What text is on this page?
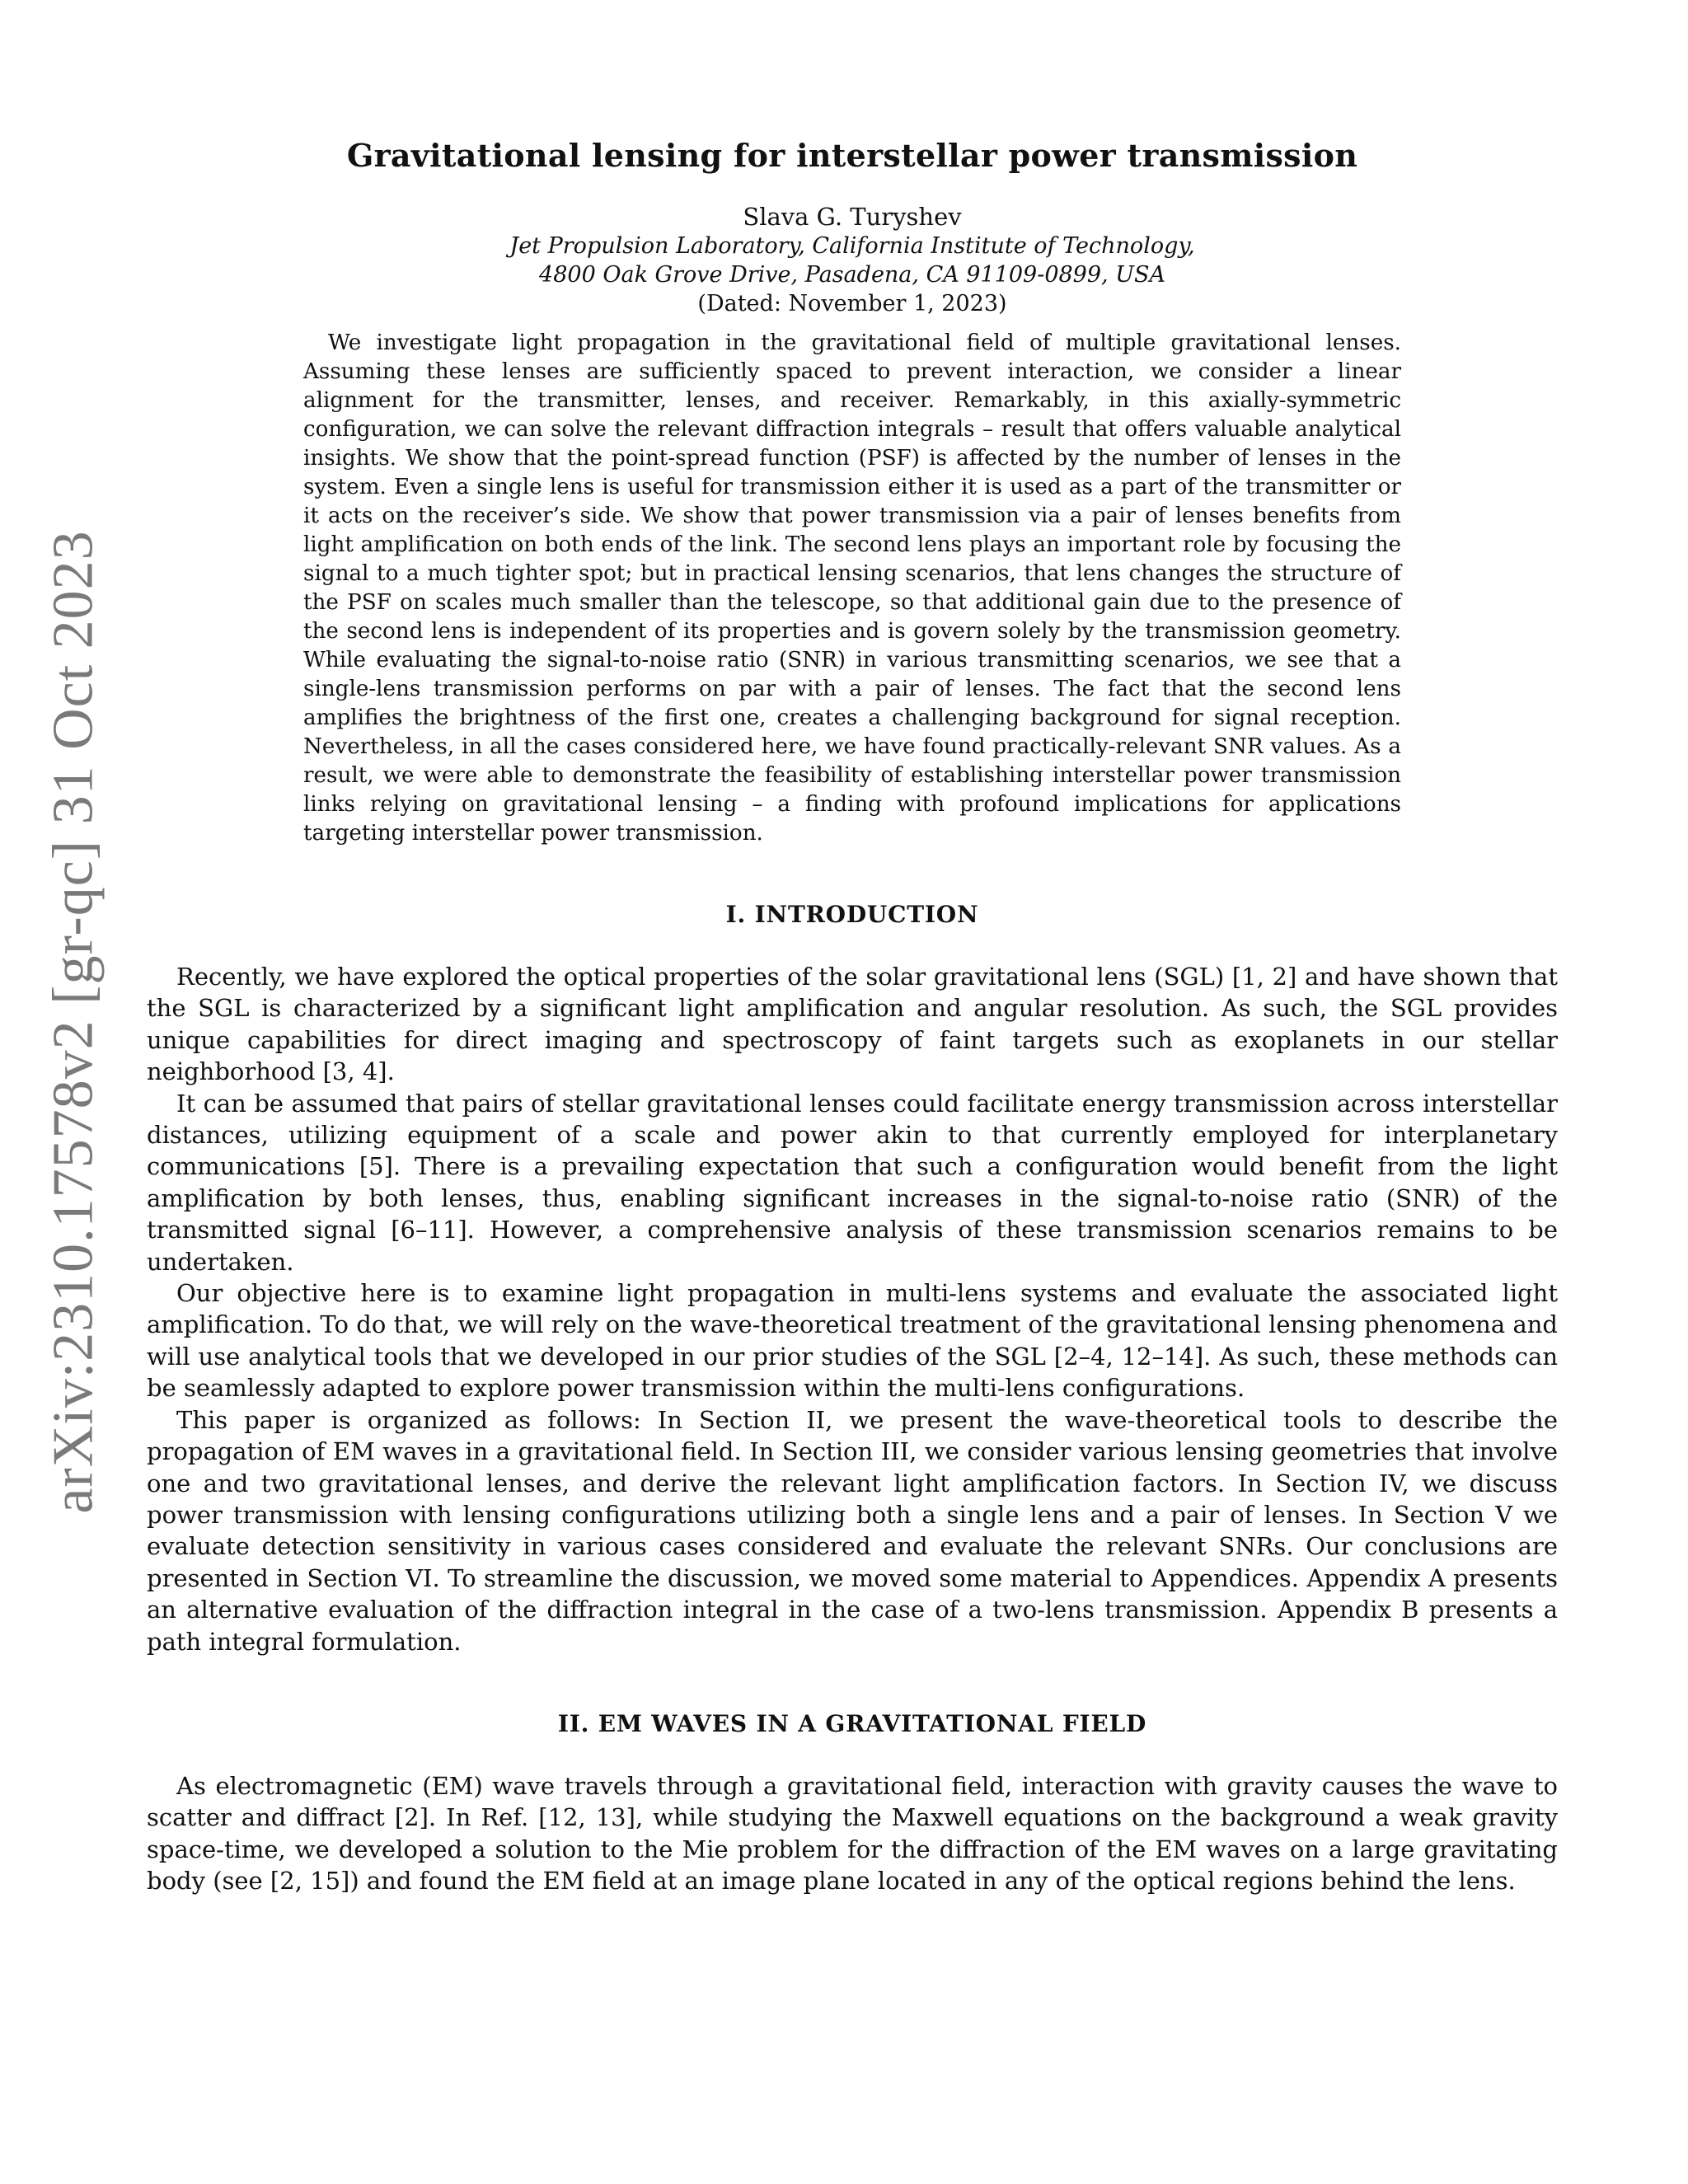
arXiv:2310.17578v2 [gr-qc] 31 Oct 2023
Gravitational lensing for interstellar power transmission
Slava G. Turyshev
Jet Propulsion Laboratory, California Institute of Technology,
4800 Oak Grove Drive, Pasadena, CA 91109-0899, USA
(Dated: November 1, 2023)
We investigate light propagation in the gravitational field of multiple gravitational lenses. Assuming these lenses are sufficiently spaced to prevent interaction, we consider a linear alignment for the transmitter, lenses, and receiver. Remarkably, in this axially-symmetric configuration, we can solve the relevant diffraction integrals – result that offers valuable analytical insights. We show that the point-spread function (PSF) is affected by the number of lenses in the system. Even a single lens is useful for transmission either it is used as a part of the transmitter or it acts on the receiver’s side. We show that power transmission via a pair of lenses benefits from light amplification on both ends of the link. The second lens plays an important role by focusing the signal to a much tighter spot; but in practical lensing scenarios, that lens changes the structure of the PSF on scales much smaller than the telescope, so that additional gain due to the presence of the second lens is independent of its properties and is govern solely by the transmission geometry. While evaluating the signal-to-noise ratio (SNR) in various transmitting scenarios, we see that a single-lens transmission performs on par with a pair of lenses. The fact that the second lens amplifies the brightness of the first one, creates a challenging background for signal reception. Nevertheless, in all the cases considered here, we have found practically-relevant SNR values. As a result, we were able to demonstrate the feasibility of establishing interstellar power transmission links relying on gravitational lensing – a finding with profound implications for applications targeting interstellar power transmission.
I. INTRODUCTION

Recently, we have explored the optical properties of the solar gravitational lens (SGL) [1, 2] and have shown that the SGL is characterized by a significant light amplification and angular resolution. As such, the SGL provides unique capabilities for direct imaging and spectroscopy of faint targets such as exoplanets in our stellar neighborhood [3, 4].

It can be assumed that pairs of stellar gravitational lenses could facilitate energy transmission across interstellar distances, utilizing equipment of a scale and power akin to that currently employed for interplanetary communications [5]. There is a prevailing expectation that such a configuration would benefit from the light amplification by both lenses, thus, enabling significant increases in the signal-to-noise ratio (SNR) of the transmitted signal [6–11]. However, a comprehensive analysis of these transmission scenarios remains to be undertaken.

Our objective here is to examine light propagation in multi-lens systems and evaluate the associated light amplification. To do that, we will rely on the wave-theoretical treatment of the gravitational lensing phenomena and will use analytical tools that we developed in our prior studies of the SGL [2–4, 12–14]. As such, these methods can be seamlessly adapted to explore power transmission within the multi-lens configurations.

This paper is organized as follows: In Section II, we present the wave-theoretical tools to describe the propagation of EM waves in a gravitational field. In Section III, we consider various lensing geometries that involve one and two gravitational lenses, and derive the relevant light amplification factors. In Section IV, we discuss power transmission with lensing configurations utilizing both a single lens and a pair of lenses. In Section V we evaluate detection sensitivity in various cases considered and evaluate the relevant SNRs. Our conclusions are presented in Section VI. To streamline the discussion, we moved some material to Appendices. Appendix A presents an alternative evaluation of the diffraction integral in the case of a two-lens transmission. Appendix B presents a path integral formulation.

II. EM WAVES IN A GRAVITATIONAL FIELD

As electromagnetic (EM) wave travels through a gravitational field, interaction with gravity causes the wave to scatter and diffract [2]. In Ref. [12, 13], while studying the Maxwell equations on the background a weak gravity space-time, we developed a solution to the Mie problem for the diffraction of the EM waves on a large gravitating body (see [2, 15]) and found the EM field at an image plane located in any of the optical regions behind the lens.
